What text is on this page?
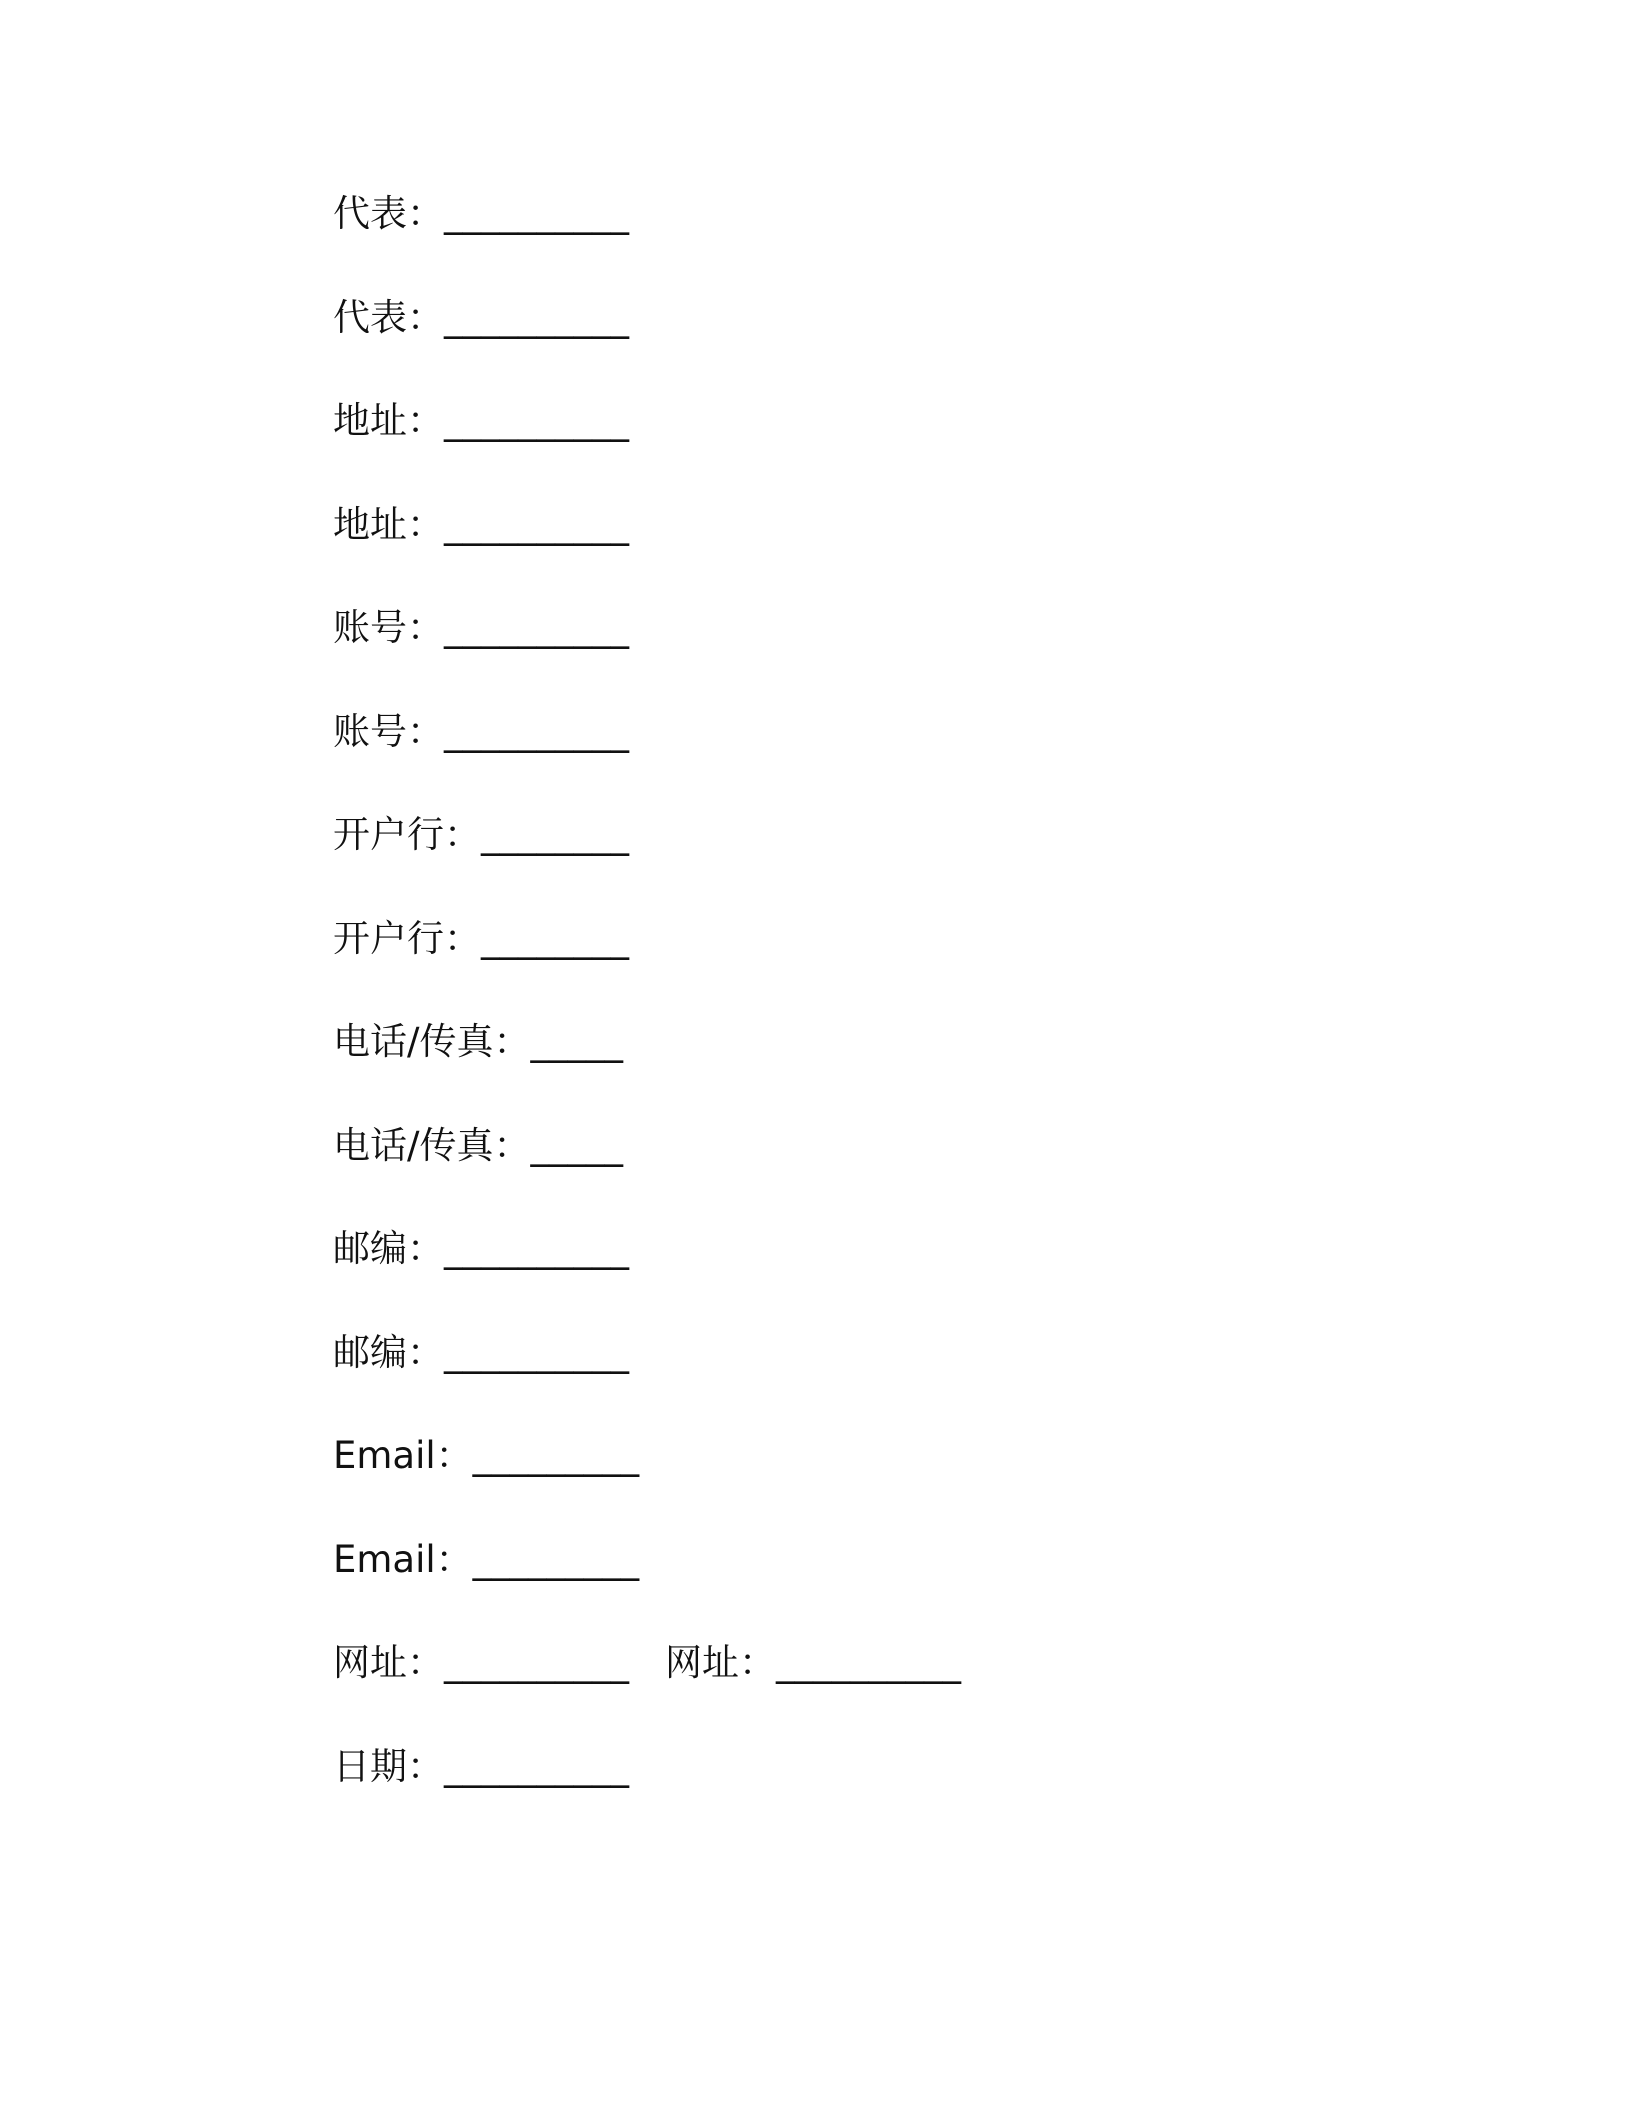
代表：__________
代表：__________
地址：__________
地址：__________
账号：__________
账号：__________
开户行：________
开户行：________
电话/传真：_____
电话/传真：_____
邮编：__________
邮编：__________
Email：_________
Email：_________
网址：__________ 网址：__________
日期：__________
